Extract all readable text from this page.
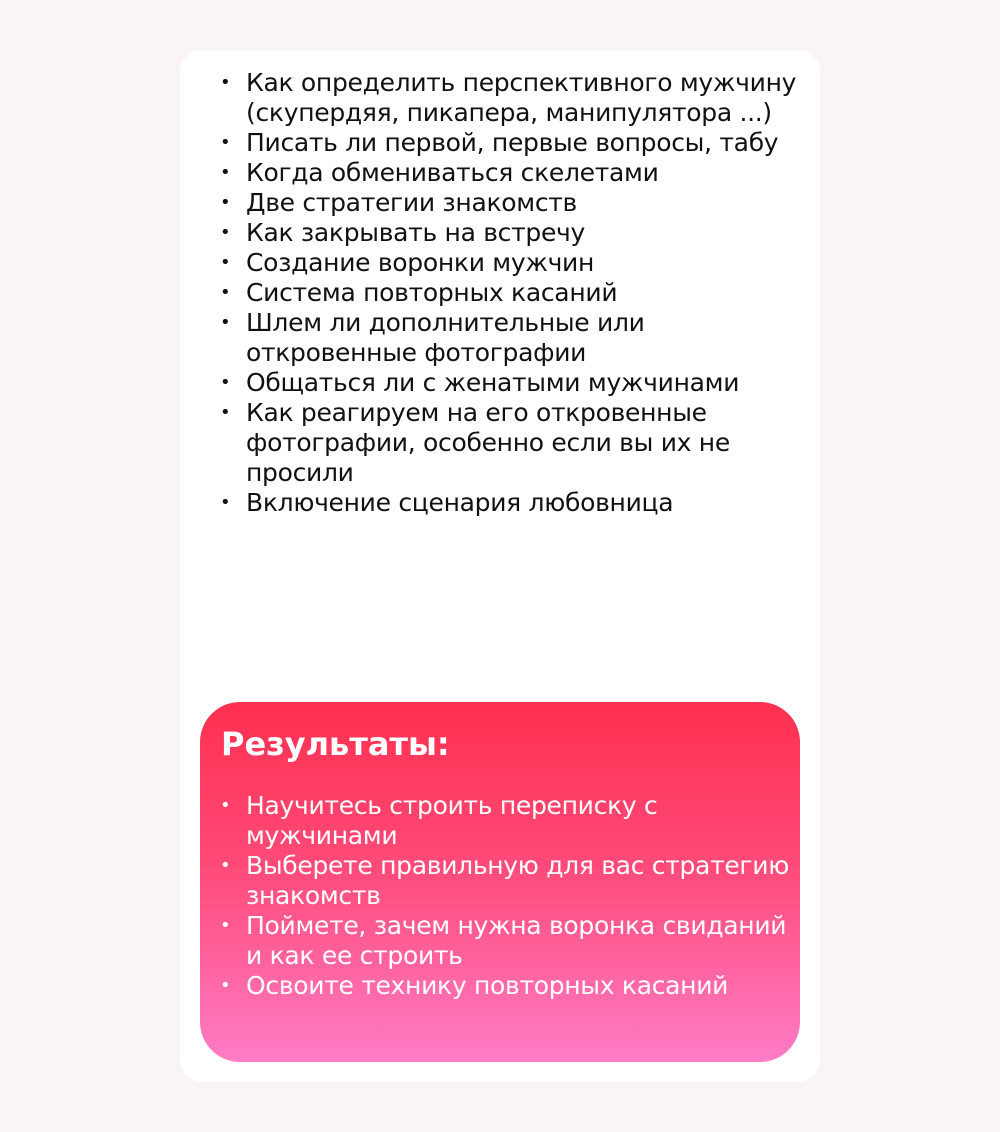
• Как определить перспективного мужчину (скупердяя, пикапера, манипулятора ...)
• Писать ли первой, первые вопросы, табу
• Когда обмениваться скелетами
• Две стратегии знакомств
• Как закрывать на встречу
• Создание воронки мужчин
• Система повторных касаний
• Шлем ли дополнительные или откровенные фотографии
• Общаться ли с женатыми мужчинами
• Как реагируем на его откровенные фотографии, особенно если вы их не просили
• Включение сценария любовница
Результаты:
• Научитесь строить переписку с мужчинами
• Выберете правильную для вас стратегию знакомств
• Поймете, зачем нужна воронка свиданий и как ее строить
• Освоите технику повторных касаний
